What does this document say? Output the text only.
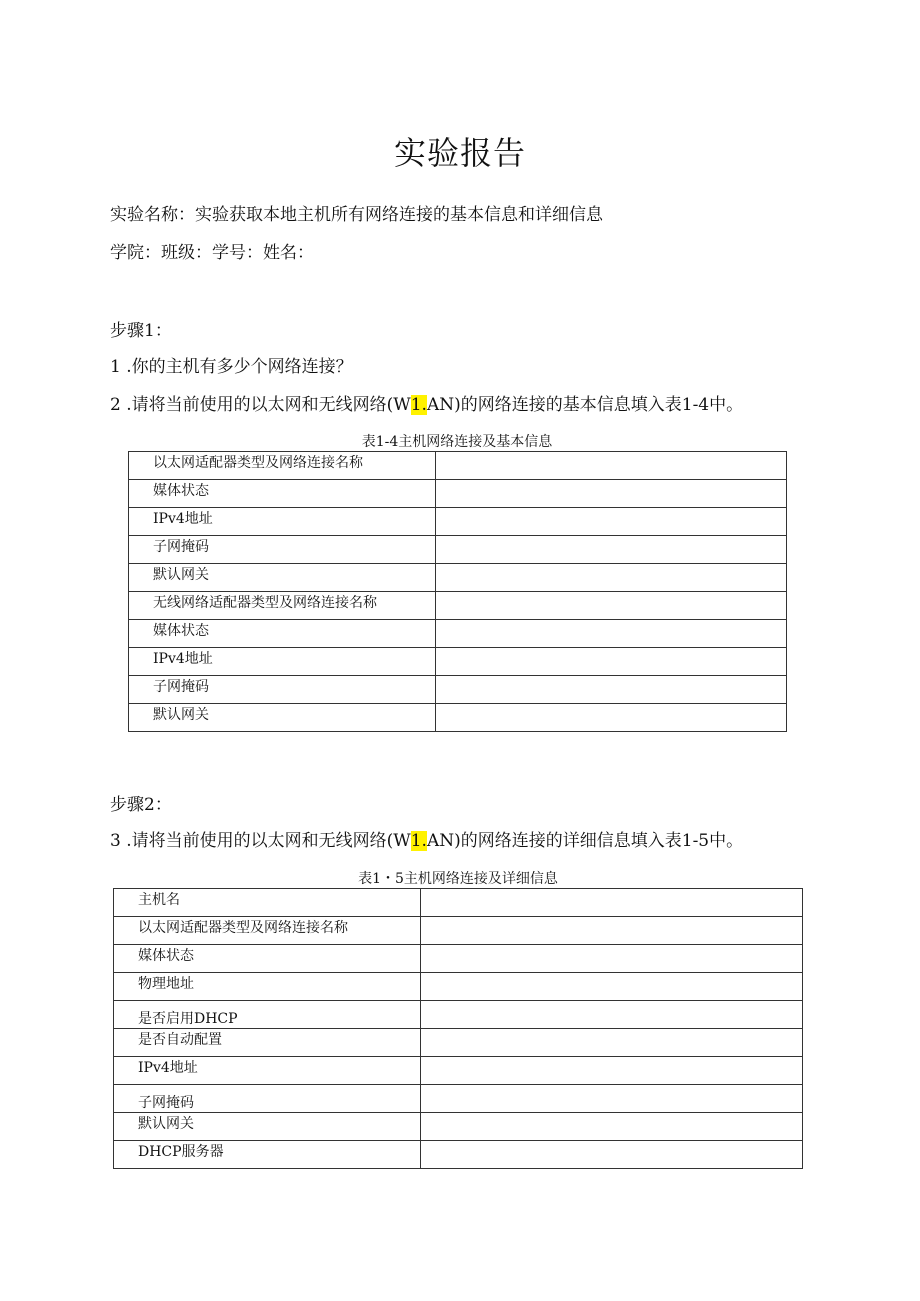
实验报告
实验名称：实验获取本地主机所有网络连接的基本信息和详细信息
学院：班级：学号：姓名：
步骤1：
1 .你的主机有多少个网络连接？
2 .请将当前使用的以太网和无线网络(W1.AN)的网络连接的基本信息填入表1-4中。
表1-4主机网络连接及基本信息
以太网适配器类型及网络连接名称	
媒体状态	
IPv4地址	
子网掩码	
默认网关	
无线网络适配器类型及网络连接名称	
媒体状态	
IPv4地址	
子网掩码	
默认网关	
步骤2：
3 .请将当前使用的以太网和无线网络(W1.AN)的网络连接的详细信息填入表1-5中。
表1・5主机网络连接及详细信息
主机名	
以太网适配器类型及网络连接名称	
媒体状态	
物理地址	
是否启用DHCP	
是否自动配置	
IPv4地址	
子网掩码	
默认网关	
DHCP服务器	
